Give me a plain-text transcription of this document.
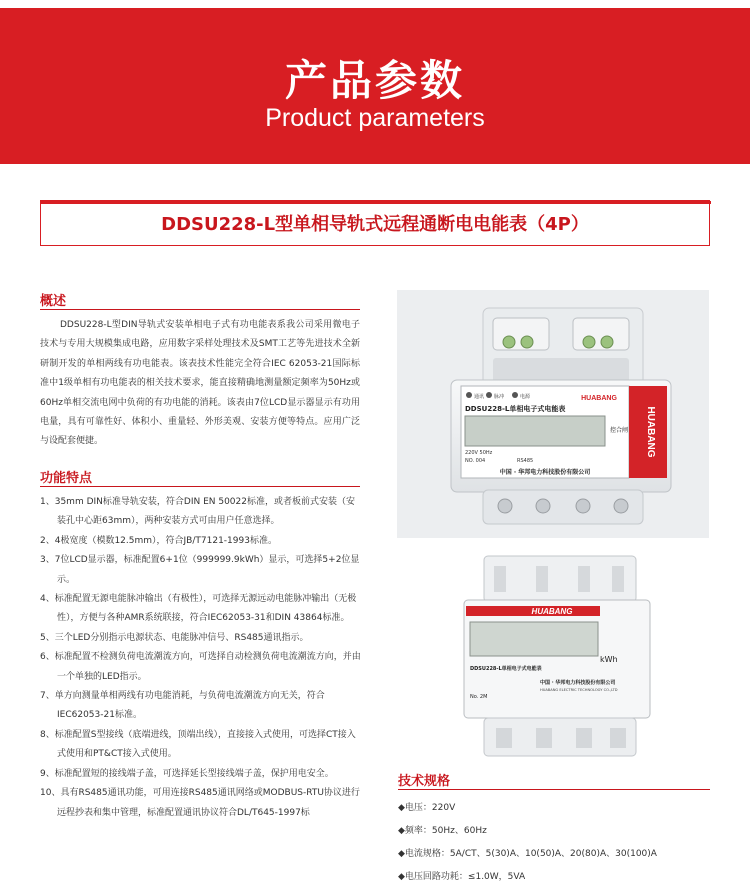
产品参数
Product parameters
DDSU228-L型单相导轨式远程通断电电能表（4P）
概述
DDSU228-L型DIN导轨式安装单相电子式有功电能表系我公司采用微电子技术与专用大规模集成电路，应用数字采样处理技术及SMT工艺等先进技术全新研制开发的单相两线有功电能表。该表技术性能完全符合IEC 62053-21国际标准中1级单相有功电能表的相关技术要求，能直接精确地测量额定频率为50Hz或60Hz单相交流电网中负荷的有功电能的消耗。该表由7位LCD显示器显示有功用电量，具有可靠性好、体积小、重量轻、外形美观、安装方便等特点。应用广泛与设配套便捷。
功能特点
1、35mm DIN标准导轨安装，符合DIN EN 50022标准，或者板前式安装（安装孔中心距63mm），两种安装方式可由用户任意选择。
2、4极宽度（模数12.5mm），符合JB/T7121-1993标准。
3、7位LCD显示器，标准配置6+1位（999999.9kWh）显示，可选择5+2位显示。
4、标准配置无源电能脉冲输出（有极性），可选择无源远动电能脉冲输出（无极性），方便与各种AMR系统联接，符合IEC62053-31和DIN 43864标准。
5、三个LED分别指示电源状态、电能脉冲信号、RS485通讯指示。
6、标准配置不检测负荷电流潮流方向，可选择自动检测负荷电流潮流方向，并由一个单独的LED指示。
7、单方向测量单相两线有功电能消耗，与负荷电流潮流方向无关，符合IEC62053-21标准。
8、标准配置S型接线（底端进线，顶端出线），直接接入式使用，可选择CT接入式使用和PT&CT接入式使用。
9、标准配置短的接线端子盖，可选择延长型接线端子盖，保护用电安全。
10、具有RS485通讯功能，可用连接RS485通讯网络或MODBUS-RTU协议进行远程抄表和集中管理，标准配置通讯协议符合DL/T645-1997标
HUABANG
通讯 脉冲	电源	HUABANG
DDSU228-L单相电子式电能表
控合闸
220V 50Hz
NO. 004	RS485
中国 · 华邦电力科技股份有限公司
HUABANG
kWh
DDSU228-L单相电子式电能表
No. 2M
中国 · 华邦电力科技股份有限公司
HUABANG ELECTRIC TECHNOLOGY CO.,LTD
技术规格
◆电压：220V
◆频率：50Hz、60Hz
◆电流规格：5A/CT、5(30)A、10(50)A、20(80)A、30(100)A
◆电压回路功耗：≤1.0W，5VA
